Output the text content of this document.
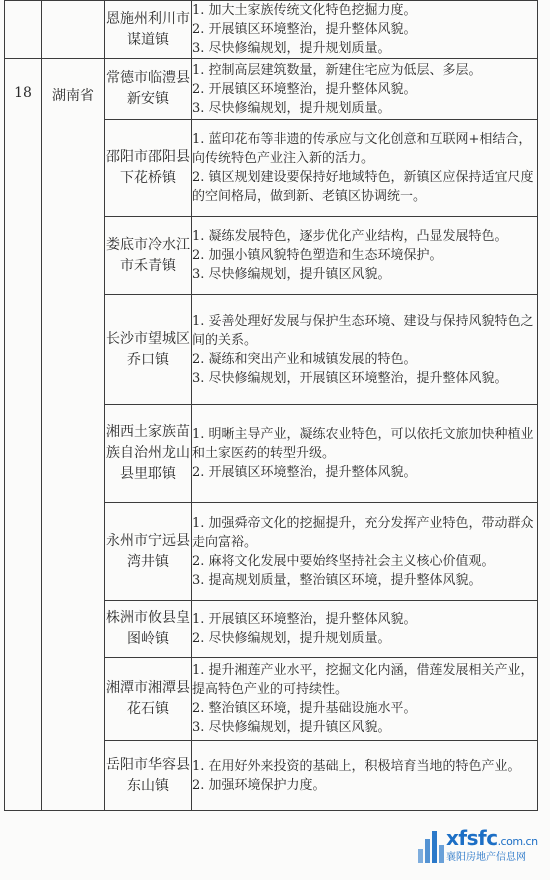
		恩施州利川市谋道镇	1. 加大土家族传统文化特色挖掘力度。
2. 开展镇区环境整治，提升整体风貌。
3. 尽快修编规划，提升规划质量。

18	湖南省	常德市临澧县新安镇	1. 控制高层建筑数量，新建住宅应为低层、多层。
2. 开展镇区环境整治，提升整体风貌。
3. 尽快修编规划，提升规划质量。

		邵阳市邵阳县下花桥镇	1. 蓝印花布等非遗的传承应与文化创意和互联网+相结合，向传统特色产业注入新的活力。
2. 镇区规划建设要保持好地域特色，新镇区应保持适宜尺度的空间格局，做到新、老镇区协调统一。

		娄底市冷水江市禾青镇	1. 凝练发展特色，逐步优化产业结构，凸显发展特色。
2. 加强小镇风貌特色塑造和生态环境保护。
3. 尽快修编规划，提升镇区风貌。

		长沙市望城区乔口镇	1. 妥善处理好发展与保护生态环境、建设与保持风貌特色之间的关系。
2. 凝练和突出产业和城镇发展的特色。
3. 尽快修编规划，开展镇区环境整治，提升整体风貌。

		湘西土家族苗族自治州龙山县里耶镇	1. 明晰主导产业，凝练农业特色，可以依托文旅加快种植业和土家医药的转型升级。
2. 开展镇区环境整治，提升整体风貌。

		永州市宁远县湾井镇	1. 加强舜帝文化的挖掘提升，充分发挥产业特色，带动群众走向富裕。
2. 麻将文化发展中要始终坚持社会主义核心价值观。
3. 提高规划质量，整治镇区环境，提升整体风貌。

		株洲市攸县皇图岭镇	1. 开展镇区环境整治，提升整体风貌。
2. 尽快修编规划，提升规划质量。

		湘潭市湘潭县花石镇	1. 提升湘莲产业水平，挖掘文化内涵，借莲发展相关产业，提高特色产业的可持续性。
2. 整治镇区环境，提升基础设施水平。
3. 尽快修编规划，提升镇区风貌。

		岳阳市华容县东山镇	1. 在用好外来投资的基础上，积极培育当地的特色产业。
2. 加强环境保护力度。
xfsfc.com.cn
襄阳房地产信息网
